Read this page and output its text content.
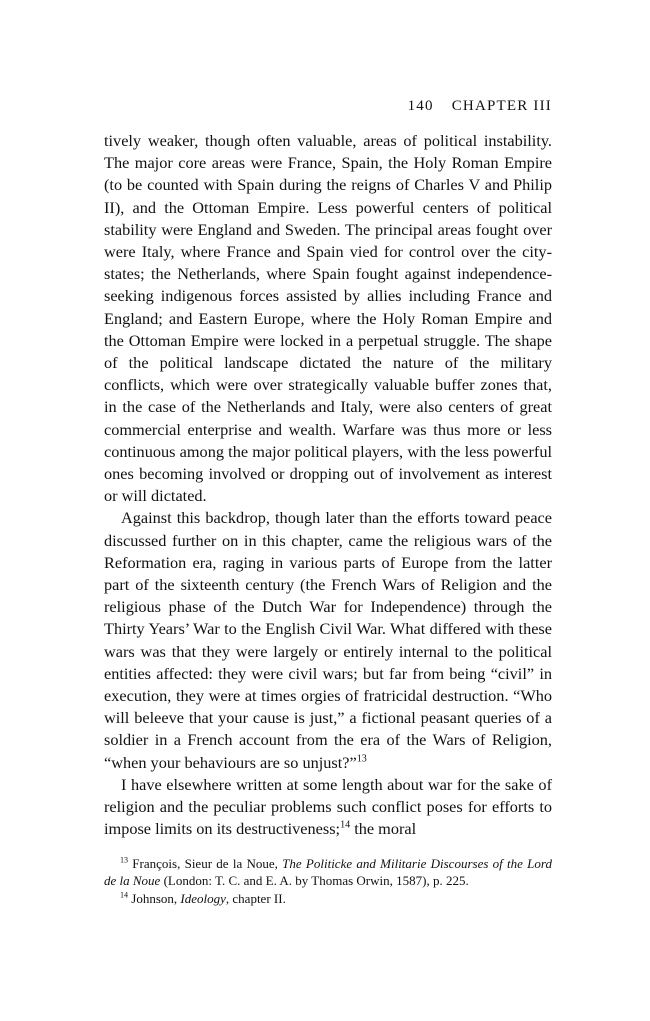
140 CHAPTER III

tively weaker, though often valuable, areas of political instability. The major core areas were France, Spain, the Holy Roman Empire (to be counted with Spain during the reigns of Charles V and Philip II), and the Ottoman Empire. Less powerful centers of political stability were England and Sweden. The principal areas fought over were Italy, where France and Spain vied for control over the city-states; the Netherlands, where Spain fought against independence-seeking indigenous forces assisted by allies including France and England; and Eastern Europe, where the Holy Roman Empire and the Ottoman Empire were locked in a perpetual struggle. The shape of the political landscape dictated the nature of the military conflicts, which were over strategically valuable buffer zones that, in the case of the Netherlands and Italy, were also centers of great commercial enterprise and wealth. Warfare was thus more or less continuous among the major political players, with the less powerful ones becoming involved or dropping out of involvement as interest or will dictated.

Against this backdrop, though later than the efforts toward peace discussed further on in this chapter, came the religious wars of the Reformation era, raging in various parts of Europe from the latter part of the sixteenth century (the French Wars of Religion and the religious phase of the Dutch War for Independence) through the Thirty Years’ War to the English Civil War. What differed with these wars was that they were largely or entirely internal to the political entities affected: they were civil wars; but far from being “civil” in execution, they were at times orgies of fratricidal destruction. “Who will beleeve that your cause is just,” a fictional peasant queries of a soldier in a French account from the era of the Wars of Religion, “when your behaviours are so unjust?”$^{13}$

I have elsewhere written at some length about war for the sake of religion and the peculiar problems such conflict poses for efforts to impose limits on its destructiveness;$^{14}$ the moral

$^{13}$ François, Sieur de la Noue, The Politicke and Militarie Discourses of the Lord de la Noue (London: T. C. and E. A. by Thomas Orwin, 1587), p. 225.

$^{14}$ Johnson, Ideology, chapter II.
